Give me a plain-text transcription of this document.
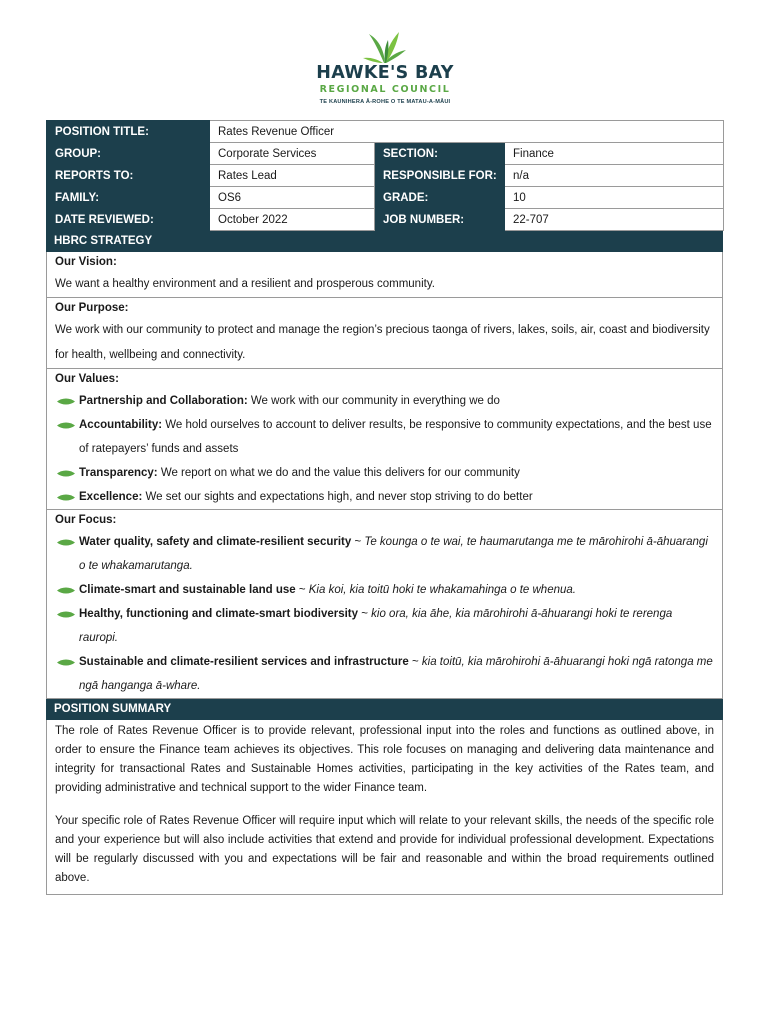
HAWKE'S BAY
REGIONAL COUNCIL
TE KAUNIHERA Ā-ROHE O TE MATAU-A-MĀUI
POSITION TITLE:	Rates Revenue Officer		
GROUP:	Corporate Services	SECTION:	Finance
REPORTS TO:	Rates Lead	RESPONSIBLE FOR:	n/a
FAMILY:	OS6	GRADE:	10
DATE REVIEWED:	October 2022	JOB NUMBER:	22-707
HBRC STRATEGY
Our Vision:
We want a healthy environment and a resilient and prosperous community.
Our Purpose:
We work with our community to protect and manage the region’s precious taonga of rivers, lakes, soils, air, coast and biodiversity for health, wellbeing and connectivity.
Our Values:
Partnership and Collaboration: We work with our community in everything we do
Accountability: We hold ourselves to account to deliver results, be responsive to community expectations, and the best use of ratepayers’ funds and assets
Transparency: We report on what we do and the value this delivers for our community
Excellence: We set our sights and expectations high, and never stop striving to do better
Our Focus:
Water quality, safety and climate-resilient security ~ Te kounga o te wai, te haumarutanga me te mārohirohi ā-āhuarangi o te whakamarutanga.
Climate-smart and sustainable land use ~ Kia koi, kia toitū hoki te whakamahinga o te whenua.
Healthy, functioning and climate-smart biodiversity ~ kio ora, kia āhe, kia mārohirohi ā-āhuarangi hoki te rerenga rauropi.
Sustainable and climate-resilient services and infrastructure ~ kia toitū, kia mārohirohi ā-āhuarangi hoki ngā ratonga me ngā hanganga ā-whare.
POSITION SUMMARY

The role of Rates Revenue Officer is to provide relevant, professional input into the roles and functions as outlined above, in order to ensure the Finance team achieves its objectives. This role focuses on managing and delivering data maintenance and integrity for transactional Rates and Sustainable Homes activities, participating in the key activities of the Rates team, and providing administrative and technical support to the wider Finance team.

Your specific role of Rates Revenue Officer will require input which will relate to your relevant skills, the needs of the specific role and your experience but will also include activities that extend and provide for individual professional development. Expectations will be regularly discussed with you and expectations will be fair and reasonable and within the broad requirements outlined above.
